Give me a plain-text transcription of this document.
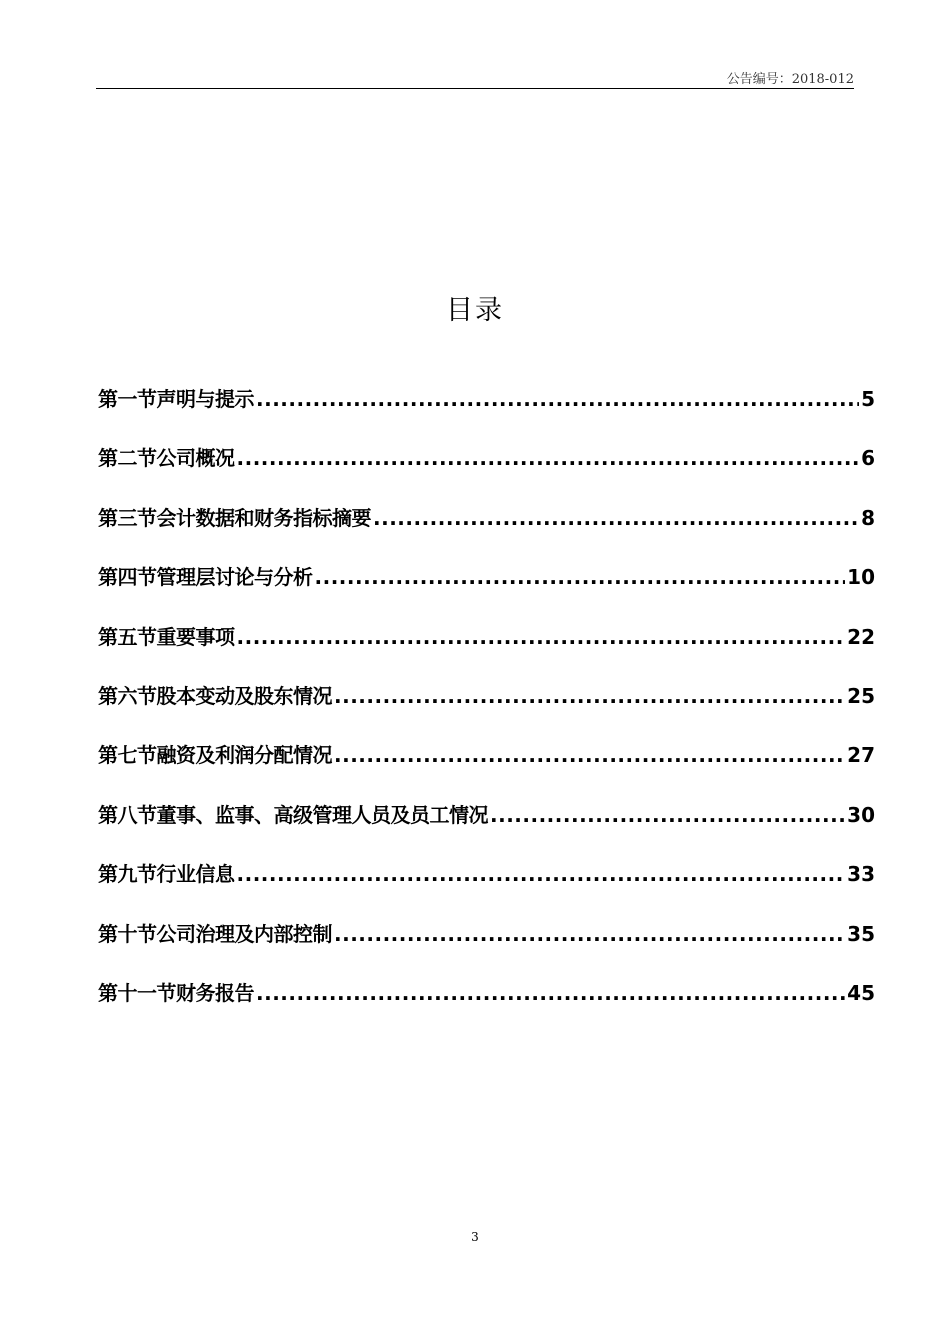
公告编号：2018-012
目录
第一节声明与提示 .....	5
第二节公司概况 .....	6
第三节会计数据和财务指标摘要 .....	8
第四节管理层讨论与分析 .....	10
第五节重要事项 .....	22
第六节股本变动及股东情况 .....	25
第七节融资及利润分配情况 .....	27
第八节董事、监事、高级管理人员及员工情况 .....	30
第九节行业信息 .....	33
第十节公司治理及内部控制 .....	35
第十一节财务报告 .....	45
3
